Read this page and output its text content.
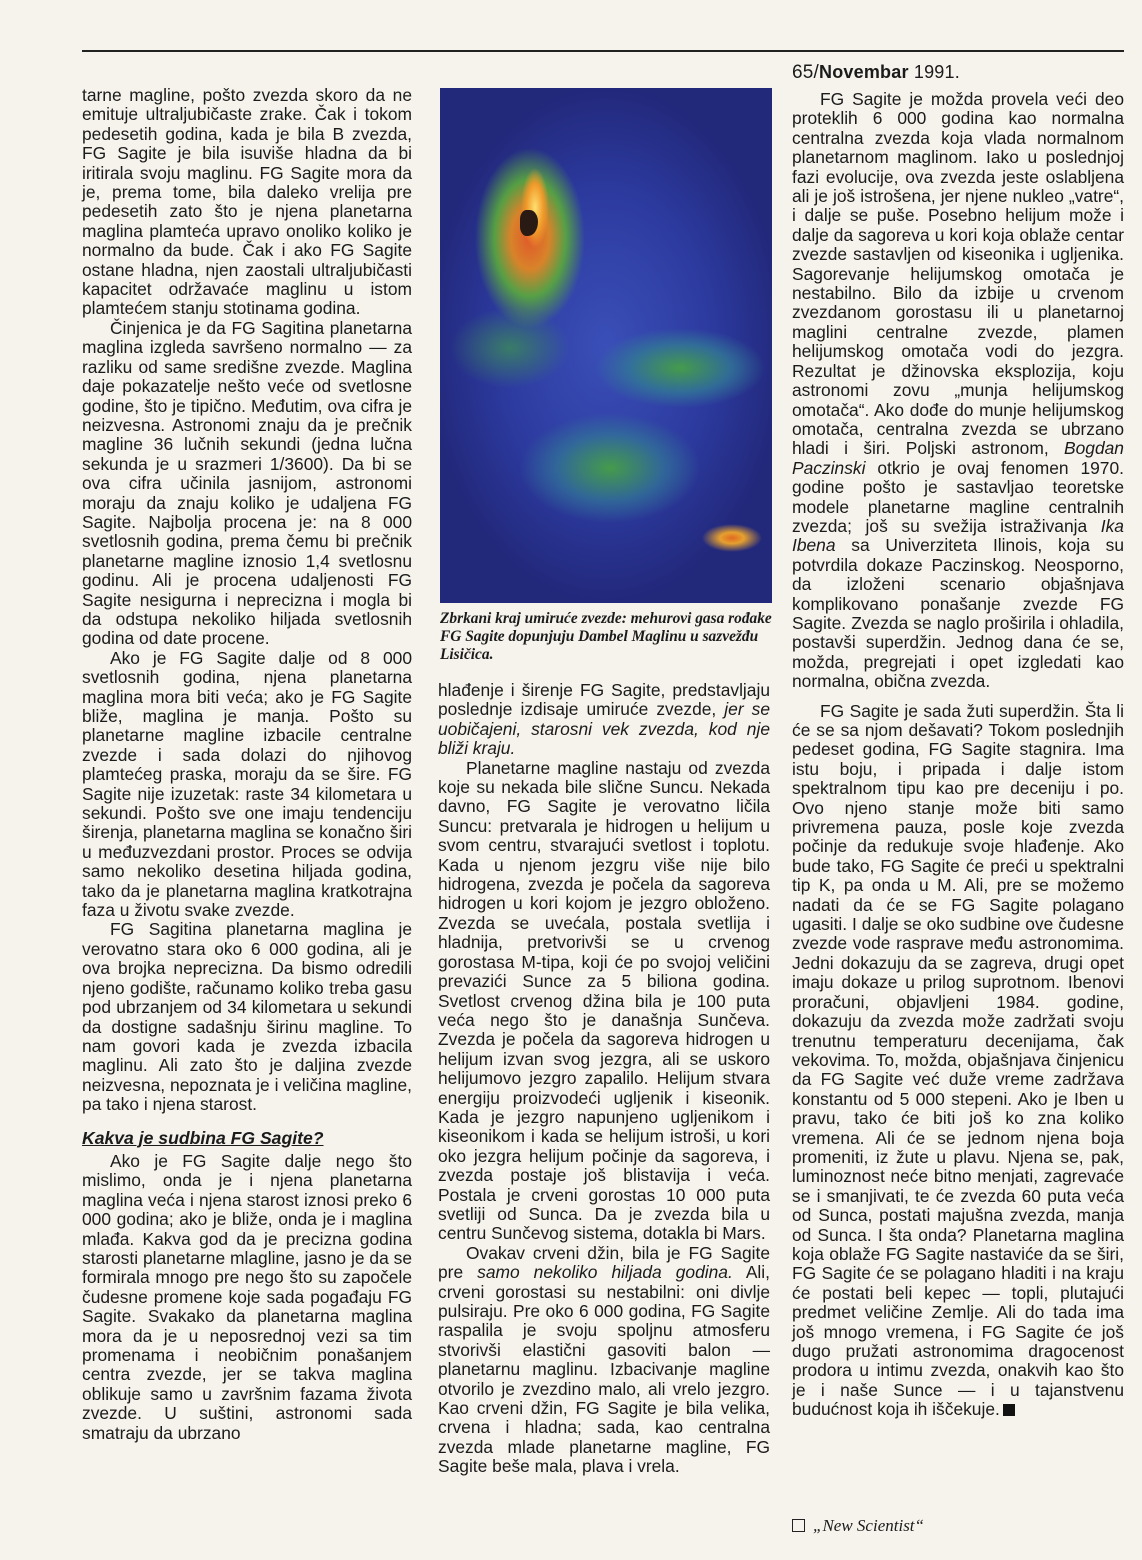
65/Novembar 1991.

tarne magline, pošto zvezda skoro da ne emituje ultraljubičaste zrake. Čak i tokom pedesetih godina, kada je bila B zvezda, FG Sagite je bila isuviše hladna da bi iritirala svoju maglinu. FG Sagite mora da je, prema tome, bila daleko vrelija pre pedesetih zato što je njena planetarna maglina plamteća upravo onoliko koliko je normalno da bude. Čak i ako FG Sagite ostane hladna, njen zaostali ultraljubičasti kapacitet održavaće maglinu u istom plamtećem stanju stotinama godina.

Činjenica je da FG Sagitina planetarna maglina izgleda savršeno normalno — za razliku od same središne zvezde. Maglina daje pokazatelje nešto veće od svetlosne godine, što je tipično. Međutim, ova cifra je neizvesna. Astronomi znaju da je prečnik magline 36 lučnih sekundi (jedna lučna sekunda je u srazmeri 1/3600). Da bi se ova cifra učinila jasnijom, astronomi moraju da znaju koliko je udaljena FG Sagite. Najbolja procena je: na 8 000 svetlosnih godina, prema čemu bi prečnik planetarne magline iznosio 1,4 svetlosnu godinu. Ali je procena udaljenosti FG Sagite nesigurna i neprecizna i mogla bi da odstupa nekoliko hiljada svetlosnih godina od date procene.

Ako je FG Sagite dalje od 8 000 svetlosnih godina, njena planetarna maglina mora biti veća; ako je FG Sagite bliže, maglina je manja. Pošto su planetarne magline izbacile centralne zvezde i sada dolazi do njihovog plamtećeg praska, moraju da se šire. FG Sagite nije izuzetak: raste 34 kilometara u sekundi. Pošto sve one imaju tendenciju širenja, planetarna maglina se konačno širi u međuzvezdani prostor. Proces se odvija samo nekoliko desetina hiljada godina, tako da je planetarna maglina kratkotrajna faza u životu svake zvezde.

FG Sagitina planetarna maglina je verovatno stara oko 6 000 godina, ali je ova brojka neprecizna. Da bismo odredili njeno godište, računamo koliko treba gasu pod ubrzanjem od 34 kilometara u sekundi da dostigne sadašnju širinu magline. To nam govori kada je zvezda izbacila maglinu. Ali zato što je daljina zvezde neizvesna, nepoznata je i veličina magline, pa tako i njena starost.

Kakva je sudbina FG Sagite?

Ako je FG Sagite dalje nego što mislimo, onda je i njena planetarna maglina veća i njena starost iznosi preko 6 000 godina; ako je bliže, onda je i maglina mlađa. Kakva god da je precizna godina starosti planetarne mlagline, jasno je da se formirala mnogo pre nego što su započele čudesne promene koje sada pogađaju FG Sagite. Svakako da planetarna maglina mora da je u neposrednoj vezi sa tim promenama i neobičnim ponašanjem centra zvezde, jer se takva maglina oblikuje samo u završnim fazama života zvezde. U suštini, astronomi sada smatraju da ubrzano

Zbrkani kraj umiruće zvezde: mehurovi gasa rođake FG Sagite dopunjuju Dambel Maglinu u sazvežđu Lisičica.

hlađenje i širenje FG Sagite, predstavljaju poslednje izdisaje umiruće zvezde, jer se uobičajeni, starosni vek zvezda, kod nje bliži kraju.

Planetarne magline nastaju od zvezda koje su nekada bile slične Suncu. Nekada davno, FG Sagite je verovatno ličila Suncu: pretvarala je hidrogen u helijum u svom centru, stvarajući svetlost i toplotu. Kada u njenom jezgru više nije bilo hidrogena, zvezda je počela da sagoreva hidrogen u kori kojom je jezgro obloženo. Zvezda se uvećala, postala svetlija i hladnija, pretvorivši se u crvenog gorostasa M-tipa, koji će po svojoj veličini prevazići Sunce za 5 biliona godina. Svetlost crvenog džina bila je 100 puta veća nego što je današnja Sunčeva. Zvezda je počela da sagoreva hidrogen u helijum izvan svog jezgra, ali se uskoro helijumovo jezgro zapalilo. Helijum stvara energiju proizvodeći ugljenik i kiseonik. Kada je jezgro napunjeno ugljenikom i kiseonikom i kada se helijum istroši, u kori oko jezgra helijum počinje da sagoreva, i zvezda postaje još blistavija i veća. Postala je crveni gorostas 10 000 puta svetliji od Sunca. Da je zvezda bila u centru Sunčevog sistema, dotakla bi Mars.

Ovakav crveni džin, bila je FG Sagite pre samo nekoliko hiljada godina. Ali, crveni gorostasi su nestabilni: oni divlje pulsiraju. Pre oko 6 000 godina, FG Sagite raspalila je svoju spoljnu atmosferu stvorivši elastični gasoviti balon — planetarnu maglinu. Izbacivanje magline otvorilo je zvezdino malo, ali vrelo jezgro. Kao crveni džin, FG Sagite je bila velika, crvena i hladna; sada, kao centralna zvezda mlade planetarne magline, FG Sagite beše mala, plava i vrela.

FG Sagite je možda provela veći deo proteklih 6 000 godina kao normalna centralna zvezda koja vlada normalnom planetarnom maglinom. Iako u poslednjoj fazi evolucije, ova zvezda jeste oslabljena ali je još istrošena, jer njene nukleo „vatre“, i dalje se puše. Posebno helijum može i dalje da sagoreva u kori koja oblaže centar zvezde sastavljen od kiseonika i ugljenika. Sagorevanje helijumskog omotača je nestabilno. Bilo da izbije u crvenom zvezdanom gorostasu ili u planetarnoj maglini centralne zvezde, plamen helijumskog omotača vodi do jezgra. Rezultat je džinovska eksplozija, koju astronomi zovu „munja helijumskog omotača“. Ako dođe do munje helijumskog omotača, centralna zvezda se ubrzano hladi i širi. Poljski astronom, Bogdan Paczinski otkrio je ovaj fenomen 1970. godine pošto je sastavljao teoretske modele planetarne magline centralnih zvezda; još su svežija istraživanja Ika Ibena sa Univerziteta Ilinois, koja su potvrdila dokaze Paczinskog. Neosporno, da izloženi scenario objašnjava komplikovano ponašanje zvezde FG Sagite. Zvezda se naglo proširila i ohladila, postavši superdžin. Jednog dana će se, možda, pregrejati i opet izgledati kao normalna, obična zvezda.

FG Sagite je sada žuti superdžin. Šta li će se sa njom dešavati? Tokom poslednjih pedeset godina, FG Sagite stagnira. Ima istu boju, i pripada i dalje istom spektralnom tipu kao pre deceniju i po. Ovo njeno stanje može biti samo privremena pauza, posle koje zvezda počinje da redukuje svoje hlađenje. Ako bude tako, FG Sagite će preći u spektralni tip K, pa onda u M. Ali, pre se možemo nadati da će se FG Sagite polagano ugasiti. I dalje se oko sudbine ove čudesne zvezde vode rasprave među astronomima. Jedni dokazuju da se zagreva, drugi opet imaju dokaze u prilog suprotnom. Ibenovi proračuni, objavljeni 1984. godine, dokazuju da zvezda može zadržati svoju trenutnu temperaturu decenijama, čak vekovima. To, možda, objašnjava činjenicu da FG Sagite već duže vreme zadržava konstantu od 5 000 stepeni. Ako je Iben u pravu, tako će biti još ko zna koliko vremena. Ali će se jednom njena boja promeniti, iz žute u plavu. Njena se, pak, luminoznost neće bitno menjati, zagrevaće se i smanjivati, te će zvezda 60 puta veća od Sunca, postati majušna zvezda, manja od Sunca. I šta onda? Planetarna maglina koja oblaže FG Sagite nastaviće da se širi, FG Sagite će se polagano hladiti i na kraju će postati beli kepec — topli, plutajući predmet veličine Zemlje. Ali do tada ima još mnogo vremena, i FG Sagite će još dugo pružati astronomima dragocenost prodora u intimu zvezda, onakvih kao što je i naše Sunce — i u tajanstvenu budućnost koja ih iščekuje.

„New Scientist“
